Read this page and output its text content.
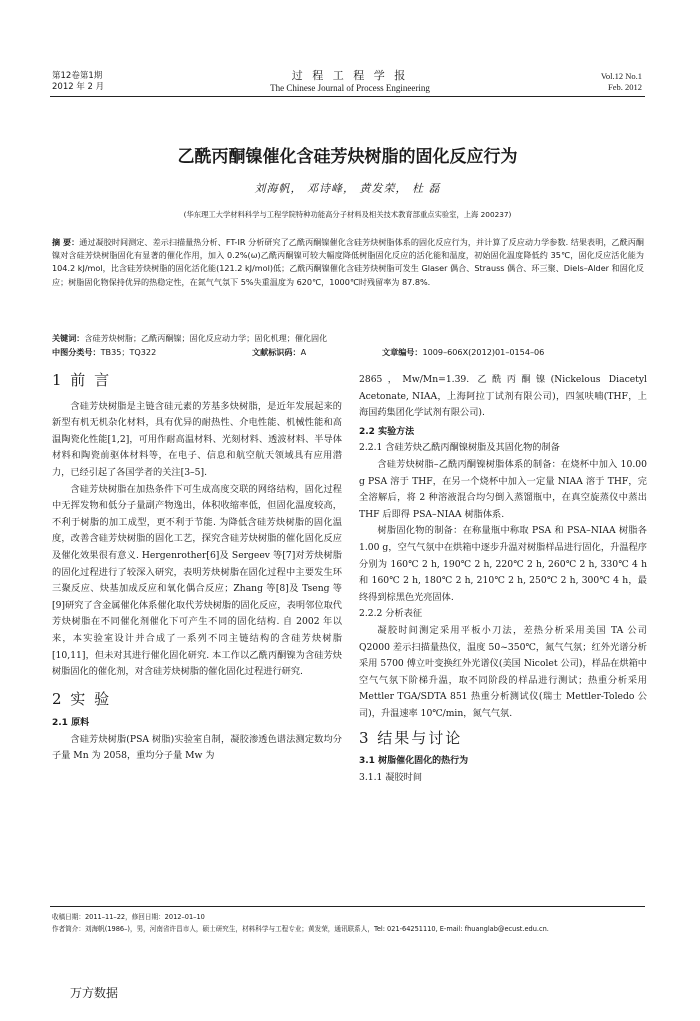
第12卷第1期
2012 年 2 月
过 程 工 程 学 报
The Chinese Journal of Process Engineering
Vol.12 No.1
Feb. 2012
乙酰丙酮镍催化含硅芳炔树脂的固化反应行为
刘海帆， 邓诗峰， 黄发荣， 杜 磊
(华东理工大学材料科学与工程学院特种功能高分子材料及相关技术教育部重点实验室，上海 200237)
摘 要：通过凝胶时间测定、差示扫描量热分析、FT-IR 分析研究了乙酰丙酮镍催化含硅芳炔树脂体系的固化反应行为，并计算了反应动力学参数. 结果表明，乙酰丙酮镍对含硅芳炔树脂固化有显著的催化作用，加入 0.2%(ω)乙酰丙酮镍可较大幅度降低树脂固化反应的活化能和温度，初始固化温度降低约 35℃，固化反应活化能为 104.2 kJ/mol，比含硅芳炔树脂的固化活化能(121.2 kJ/mol)低；乙酰丙酮镍催化含硅芳炔树脂可发生 Glaser 偶合、Strauss 偶合、环三聚、Diels–Alder 和固化反应；树脂固化物保持优异的热稳定性，在氮气气氛下 5%失重温度为 620℃，1000℃时残留率为 87.8%.
关键词：含硅芳炔树脂；乙酰丙酮镍；固化反应动力学；固化机理；催化固化
中图分类号：TB35；TQ322	文献标识码：A	文章编号：1009–606X(2012)01–0154–06
1 前 言

含硅芳炔树脂是主链含硅元素的芳基多炔树脂，是近年发展起来的新型有机无机杂化材料，具有优异的耐热性、介电性能、机械性能和高温陶瓷化性能[1,2]，可用作耐高温材料、光刻材料、透波材料、半导体材料和陶瓷前驱体材料等，在电子、信息和航空航天领域具有应用潜力，已经引起了各国学者的关注[3–5].

含硅芳炔树脂在加热条件下可生成高度交联的网络结构，固化过程中无挥发物和低分子量副产物逸出，体积收缩率低，但固化温度较高，不利于树脂的加工成型，更不利于节能. 为降低含硅芳炔树脂的固化温度，改善含硅芳炔树脂的固化工艺，探究含硅芳炔树脂的催化固化反应及催化效果很有意义. Hergenrother[6]及 Sergeev 等[7]对芳炔树脂的固化过程进行了较深入研究，表明芳炔树脂在固化过程中主要发生环三聚反应、炔基加成反应和氧化偶合反应；Zhang 等[8]及 Tseng 等[9]研究了含金属催化体系催化取代芳炔树脂的固化反应，表明邻位取代芳炔树脂在不同催化剂催化下可产生不同的固化结构. 自 2002 年以来，本实验室设计并合成了一系列不同主链结构的含硅芳炔树脂[10,11]，但未对其进行催化固化研究. 本工作以乙酰丙酮镍为含硅芳炔树脂固化的催化剂，对含硅芳炔树脂的催化固化过程进行研究.

2 实 验
2.1 原料

含硅芳炔树脂(PSA 树脂)实验室自制，凝胶渗透色谱法测定数均分子量 Mn 为 2058，重均分子量 Mw 为

2865，Mw/Mn=1.39. 乙酰丙酮镍(Nickelous Diacetyl Acetonate, NIAA，上海阿拉丁试剂有限公司)，四氢呋喃(THF，上海国药集团化学试剂有限公司).

2.2 实验方法
2.2.1 含硅芳炔乙酰丙酮镍树脂及其固化物的制备

含硅芳炔树脂–乙酰丙酮镍树脂体系的制备：在烧杯中加入 10.00 g PSA 溶于 THF，在另一个烧杯中加入一定量 NIAA 溶于 THF，完全溶解后，将 2 种溶液混合均匀倒入蒸馏瓶中，在真空旋蒸仪中蒸出 THF 后即得 PSA–NIAA 树脂体系.

树脂固化物的制备：在称量瓶中称取 PSA 和 PSA–NIAA 树脂各 1.00 g，空气气氛中在烘箱中逐步升温对树脂样品进行固化，升温程序分别为 160℃ 2 h, 190℃ 2 h, 220℃ 2 h, 260℃ 2 h, 330℃ 4 h 和 160℃ 2 h, 180℃ 2 h, 210℃ 2 h, 250℃ 2 h, 300℃ 4 h，最终得到棕黑色光亮固体.

2.2.2 分析表征

凝胶时间测定采用平板小刀法，差热分析采用美国 TA 公司 Q2000 差示扫描量热仪，温度 50~350℃，氮气气氛；红外光谱分析采用 5700 傅立叶变换红外光谱仪(美国 Nicolet 公司)，样品在烘箱中空气气氛下阶梯升温，取不同阶段的样品进行测试；热重分析采用 Mettler TGA/SDTA 851 热重分析测试仪(瑞士 Mettler-Toledo 公司)，升温速率 10℃/min，氮气气氛.

3 结果与讨论
3.1 树脂催化固化的热行为
3.1.1 凝胶时间
收稿日期：2011–11–22，修回日期：2012–01–10
作者简介：刘海帆(1986–)，男，河南省许昌市人，硕士研究生，材料科学与工程专业；黄发荣，通讯联系人，Tel: 021-64251110, E-mail: fhuanglab@ecust.edu.cn.
万方数据
